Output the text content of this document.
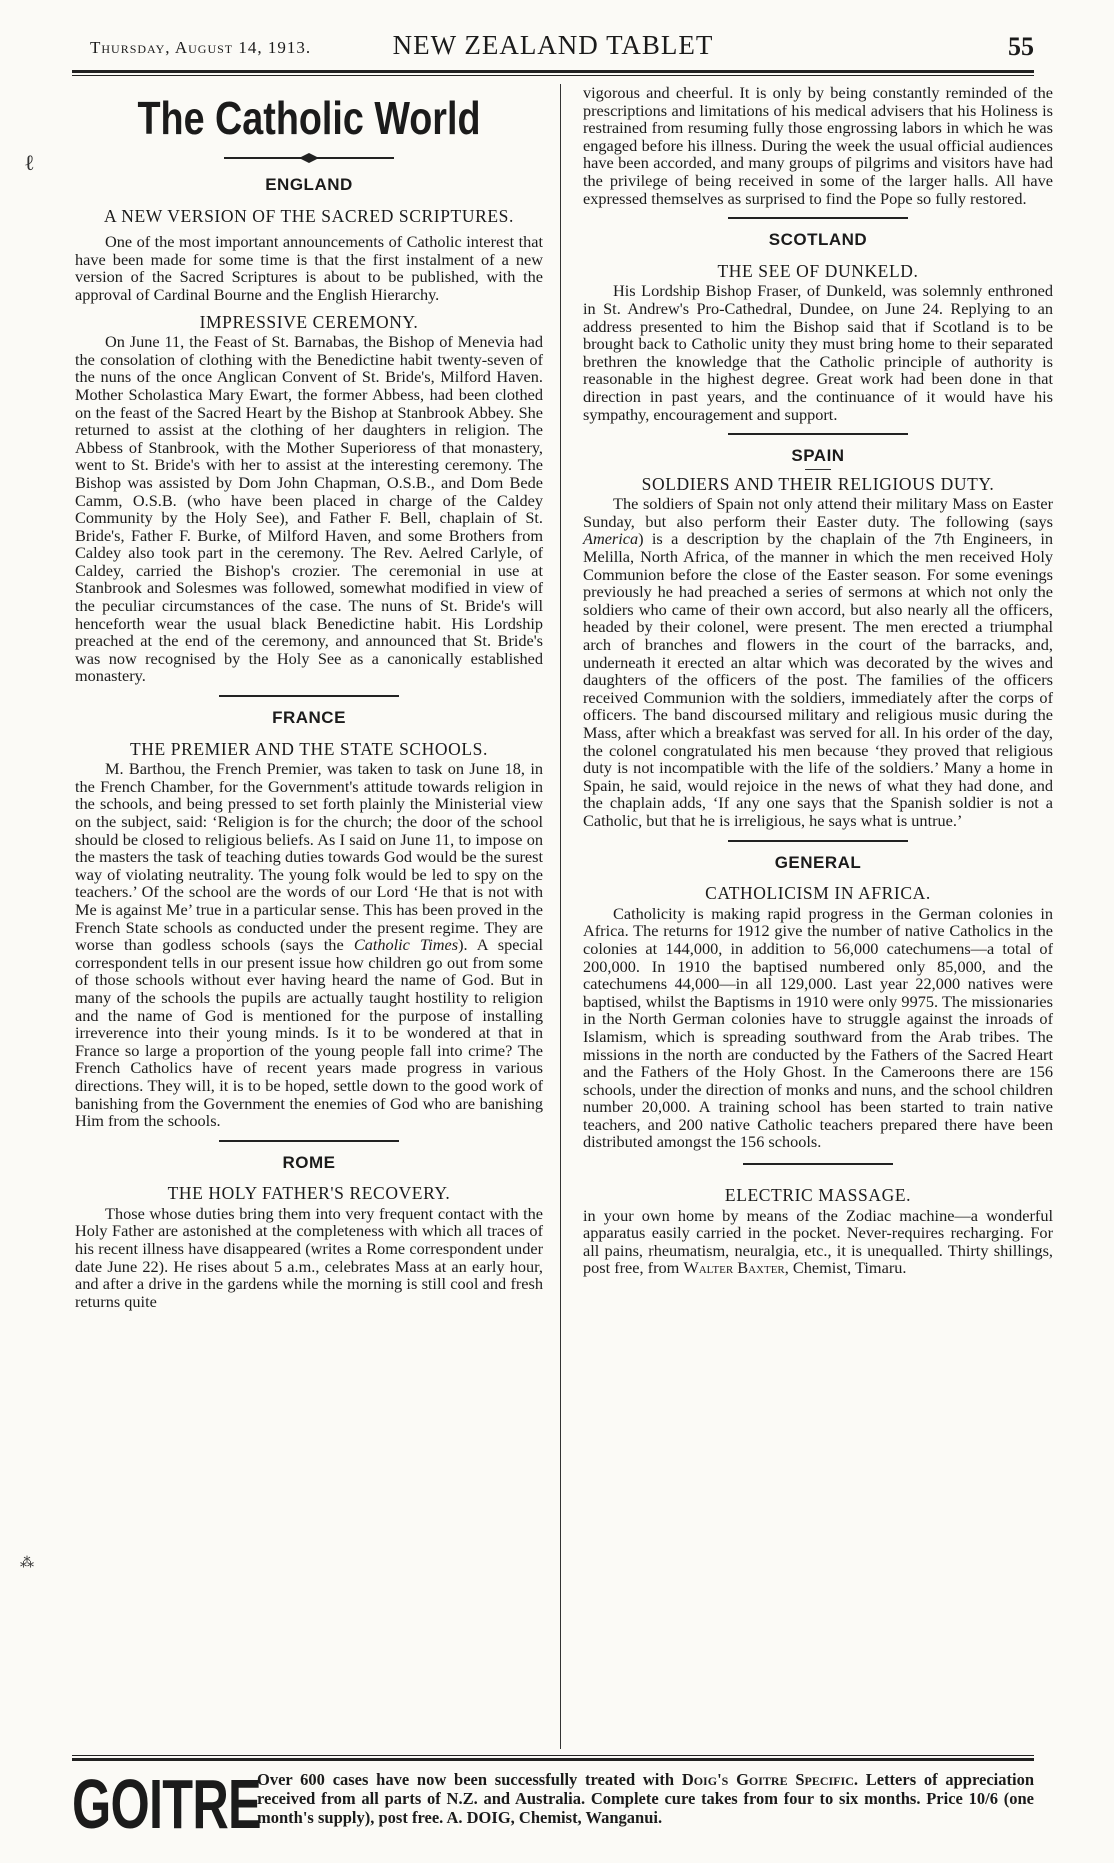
Thursday, August 14, 1913.	NEW ZEALAND TABLET	55
ℓ
⁂
The Catholic World
ENGLAND
A NEW VERSION OF THE SACRED SCRIPTURES.

One of the most important announcements of Catholic interest that have been made for some time is that the first instalment of a new version of the Sacred Scriptures is about to be published, with the approval of Cardinal Bourne and the English Hierarchy.

IMPRESSIVE CEREMONY.

On June 11, the Feast of St. Barnabas, the Bishop of Menevia had the consolation of clothing with the Benedictine habit twenty-seven of the nuns of the once Anglican Convent of St. Bride's, Milford Haven. Mother Scholastica Mary Ewart, the former Abbess, had been clothed on the feast of the Sacred Heart by the Bishop at Stanbrook Abbey. She returned to assist at the clothing of her daughters in religion. The Abbess of Stanbrook, with the Mother Superioress of that monastery, went to St. Bride's with her to assist at the interesting ceremony. The Bishop was assisted by Dom John Chapman, O.S.B., and Dom Bede Camm, O.S.B. (who have been placed in charge of the Caldey Community by the Holy See), and Father F. Bell, chaplain of St. Bride's, Father F. Burke, of Milford Haven, and some Brothers from Caldey also took part in the ceremony. The Rev. Aelred Carlyle, of Caldey, carried the Bishop's crozier. The ceremonial in use at Stanbrook and Solesmes was followed, somewhat modified in view of the peculiar circumstances of the case. The nuns of St. Bride's will henceforth wear the usual black Benedictine habit. His Lordship preached at the end of the ceremony, and announced that St. Bride's was now recognised by the Holy See as a canonically established monastery.

FRANCE
THE PREMIER AND THE STATE SCHOOLS.

M. Barthou, the French Premier, was taken to task on June 18, in the French Chamber, for the Government's attitude towards religion in the schools, and being pressed to set forth plainly the Ministerial view on the subject, said: ‘Religion is for the church; the door of the school should be closed to religious beliefs. As I said on June 11, to impose on the masters the task of teaching duties towards God would be the surest way of violating neutrality. The young folk would be led to spy on the teachers.’ Of the school are the words of our Lord ‘He that is not with Me is against Me’ true in a particular sense. This has been proved in the French State schools as conducted under the present regime. They are worse than godless schools (says the Catholic Times). A special correspondent tells in our present issue how children go out from some of those schools without ever having heard the name of God. But in many of the schools the pupils are actually taught hostility to religion and the name of God is mentioned for the purpose of installing irreverence into their young minds. Is it to be wondered at that in France so large a proportion of the young people fall into crime? The French Catholics have of recent years made progress in various directions. They will, it is to be hoped, settle down to the good work of banishing from the Government the enemies of God who are banishing Him from the schools.

ROME
THE HOLY FATHER'S RECOVERY.

Those whose duties bring them into very frequent contact with the Holy Father are astonished at the completeness with which all traces of his recent illness have disappeared (writes a Rome correspondent under date June 22). He rises about 5 a.m., celebrates Mass at an early hour, and after a drive in the gardens while the morning is still cool and fresh returns quite

vigorous and cheerful. It is only by being constantly reminded of the prescriptions and limitations of his medical advisers that his Holiness is restrained from resuming fully those engrossing labors in which he was engaged before his illness. During the week the usual official audiences have been accorded, and many groups of pilgrims and visitors have had the privilege of being received in some of the larger halls. All have expressed themselves as surprised to find the Pope so fully restored.

SCOTLAND
THE SEE OF DUNKELD.

His Lordship Bishop Fraser, of Dunkeld, was solemnly enthroned in St. Andrew's Pro-Cathedral, Dundee, on June 24. Replying to an address presented to him the Bishop said that if Scotland is to be brought back to Catholic unity they must bring home to their separated brethren the knowledge that the Catholic principle of authority is reasonable in the highest degree. Great work had been done in that direction in past years, and the continuance of it would have his sympathy, encouragement and support.

SPAIN
SOLDIERS AND THEIR RELIGIOUS DUTY.

The soldiers of Spain not only attend their military Mass on Easter Sunday, but also perform their Easter duty. The following (says America) is a description by the chaplain of the 7th Engineers, in Melilla, North Africa, of the manner in which the men received Holy Communion before the close of the Easter season. For some evenings previously he had preached a series of sermons at which not only the soldiers who came of their own accord, but also nearly all the officers, headed by their colonel, were present. The men erected a triumphal arch of branches and flowers in the court of the barracks, and, underneath it erected an altar which was decorated by the wives and daughters of the officers of the post. The families of the officers received Communion with the soldiers, immediately after the corps of officers. The band discoursed military and religious music during the Mass, after which a breakfast was served for all. In his order of the day, the colonel congratulated his men because ‘they proved that religious duty is not incompatible with the life of the soldiers.’ Many a home in Spain, he said, would rejoice in the news of what they had done, and the chaplain adds, ‘If any one says that the Spanish soldier is not a Catholic, but that he is irreligious, he says what is untrue.’

GENERAL
CATHOLICISM IN AFRICA.

Catholicity is making rapid progress in the German colonies in Africa. The returns for 1912 give the number of native Catholics in the colonies at 144,000, in addition to 56,000 catechumens—a total of 200,000. In 1910 the baptised numbered only 85,000, and the catechumens 44,000—in all 129,000. Last year 22,000 natives were baptised, whilst the Baptisms in 1910 were only 9975. The missionaries in the North German colonies have to struggle against the inroads of Islamism, which is spreading southward from the Arab tribes. The missions in the north are conducted by the Fathers of the Sacred Heart and the Fathers of the Holy Ghost. In the Cameroons there are 156 schools, under the direction of monks and nuns, and the school children number 20,000. A training school has been started to train native teachers, and 200 native Catholic teachers prepared there have been distributed amongst the 156 schools.

ELECTRIC MASSAGE.

in your own home by means of the Zodiac machine—a wonderful apparatus easily carried in the pocket. Never-requires recharging. For all pains, rheumatism, neuralgia, etc., it is unequalled. Thirty shillings, post free, from Walter Baxter, Chemist, Timaru.

GOITRE
Over 600 cases have now been successfully treated with Doig's Goitre Specific. Letters of appreciation received from all parts of N.Z. and Australia. Complete cure takes from four to six months. Price 10/6 (one month's supply), post free. A. DOIG, Chemist, Wanganui.
